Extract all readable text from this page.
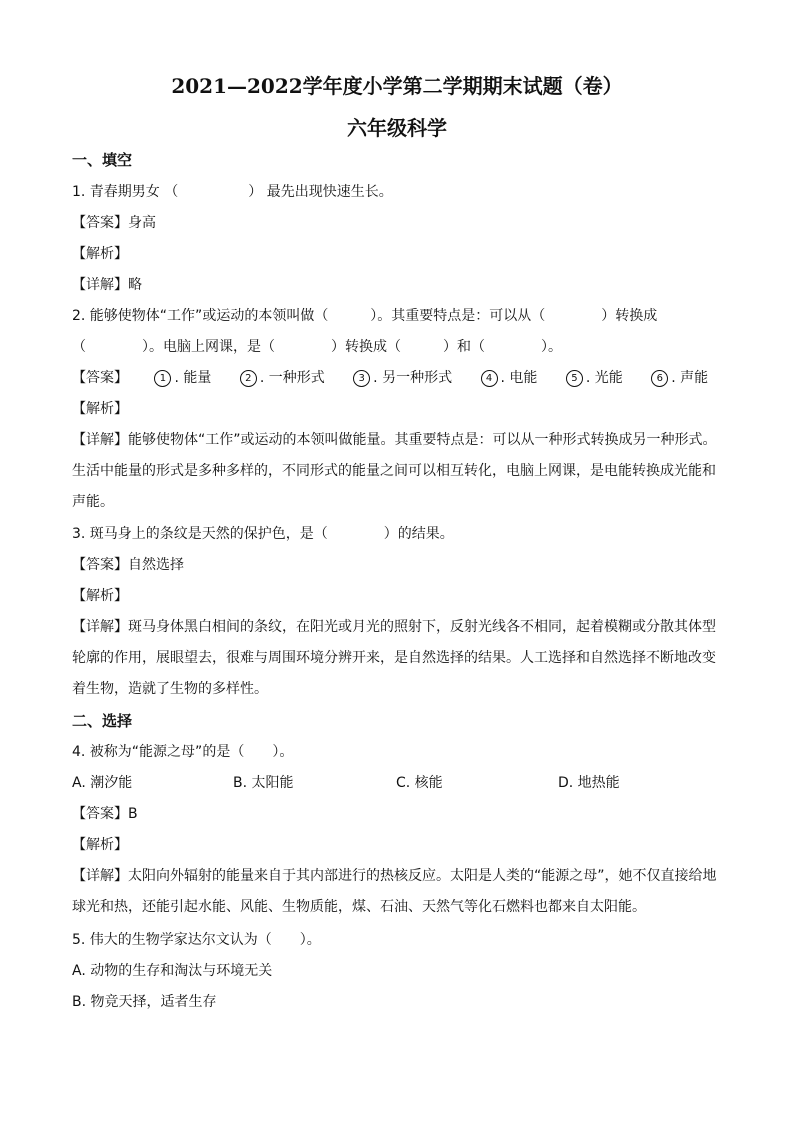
2021—2022学年度小学第二学期期末试题（卷）
六年级科学
一、填空
1. 青春期男女 （　　　　　） 最先出现快速生长。
【答案】身高
【解析】
【详解】略
2. 能够使物体“工作”或运动的本领叫做（　　　）。其重要特点是：可以从（　　　　）转换成
（　　　　）。电脑上网课，是（　　　　）转换成（　　　）和（　　　　）。
【答案】	1 . 能量	2 . 一种形式	3 . 另一种形式	4 . 电能	5 . 光能	6 . 声能
【解析】
【详解】能够使物体“工作”或运动的本领叫做能量。其重要特点是：可以从一种形式转换成另一种形式。生活中能量的形式是多种多样的，不同形式的能量之间可以相互转化，电脑上网课，是电能转换成光能和声能。
3. 斑马身上的条纹是天然的保护色，是（　　　　）的结果。
【答案】自然选择
【解析】
【详解】斑马身体黑白相间的条纹，在阳光或月光的照射下，反射光线各不相同，起着模糊或分散其体型轮廓的作用，展眼望去，很难与周围环境分辨开来，是自然选择的结果。人工选择和自然选择不断地改变着生物，造就了生物的多样性。
二、选择
4. 被称为“能源之母”的是（　　）。
A. 潮汐能	B. 太阳能	C. 核能	D. 地热能
【答案】B
【解析】
【详解】太阳向外辐射的能量来自于其内部进行的热核反应。太阳是人类的“能源之母”，她不仅直接给地球光和热，还能引起水能、风能、生物质能，煤、石油、天然气等化石燃料也都来自太阳能。
5. 伟大的生物学家达尔文认为（　　）。
A. 动物的生存和淘汰与环境无关
B. 物竞天择，适者生存
